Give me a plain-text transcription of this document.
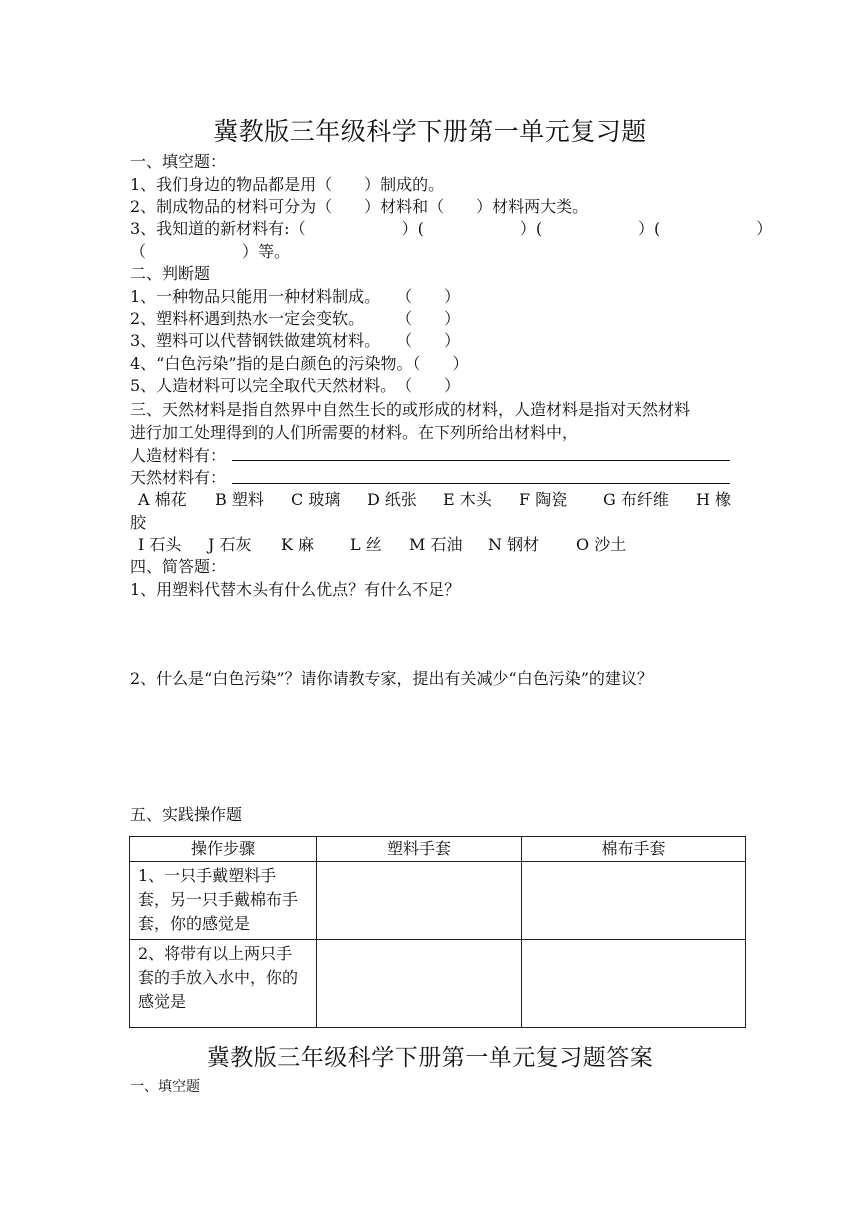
冀教版三年级科学下册第一单元复习题
一、填空题：
1、我们身边的物品都是用（　　）制成的。
2、制成物品的材料可分为（　　）材料和（　　）材料两大类。
3、我知道的新材料有:（　　　　　　）(　　　　　　）(　　　　　　）(　　　　　　）
（　　　　　　）等。
二、判断题
1、一种物品只能用一种材料制成。　　（　　）
2、塑料杯遇到热水一定会变软。　　　（　　）
3、塑料可以代替钢铁做建筑材料。　　（　　）
4、“白色污染”指的是白颜色的污染物。（　　）
5、人造材料可以完全取代天然材料。　（　　）
三、天然材料是指自然界中自然生长的或形成的材料，人造材料是指对天然材料
进行加工处理得到的人们所需要的材料。在下列所给出材料中，
人造材料有：
天然材料有：
A 棉花 B 塑料 C 玻璃 D 纸张 E 木头 F 陶瓷 G 布纤维 H 橡
胶
I 石头 J 石灰 K 麻 L 丝 M 石油 N 钢材 O 沙土
四、简答题：
1、用塑料代替木头有什么优点？有什么不足？
2、什么是“白色污染”？请你请教专家，提出有关减少“白色污染”的建议？
五、实践操作题
操作步骤	塑料手套	棉布手套
1、一只手戴塑料手套，另一只手戴棉布手套，你的感觉是		
2、将带有以上两只手套的手放入水中，你的感觉是		
冀教版三年级科学下册第一单元复习题答案
一、填空题
